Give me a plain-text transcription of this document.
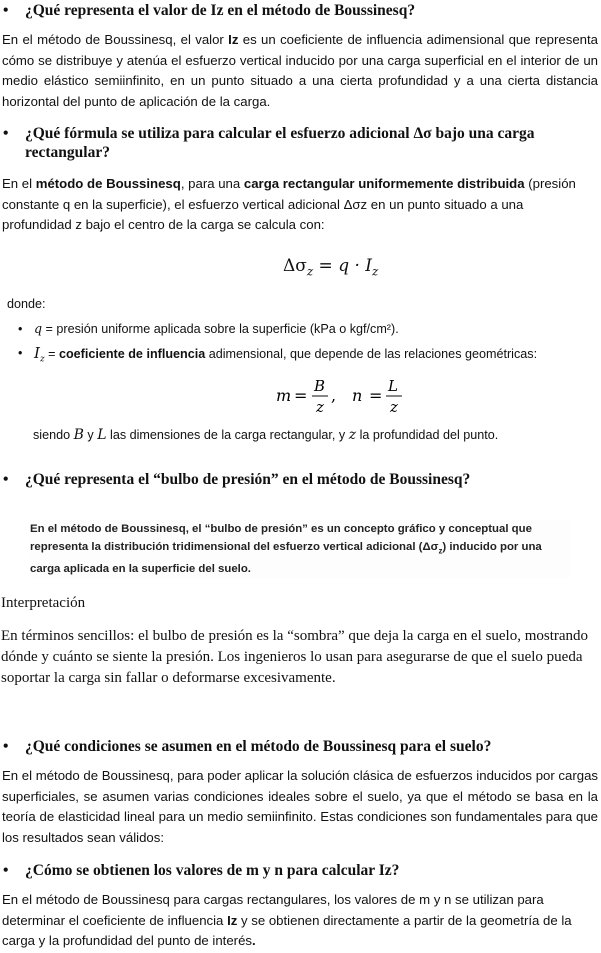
• ¿Qué representa el valor de Iz en el método de Boussinesq?
En el método de Boussinesq, el valor Iz es un coeficiente de influencia adimensional que representa cómo se distribuye y atenúa el esfuerzo vertical inducido por una carga superficial en el interior de un medio elástico semiinfinito, en un punto situado a una cierta profundidad y a una cierta distancia horizontal del punto de aplicación de la carga.
• ¿Qué fórmula se utiliza para calcular el esfuerzo adicional Δσ bajo una carga rectangular?
En el método de Boussinesq, para una carga rectangular uniformemente distribuida (presión constante q en la superficie), el esfuerzo vertical adicional Δσz en un punto situado a una profundidad z bajo el centro de la carga se calcula con:
$\Delta\sigma_z = q \cdot I_z$
donde:
• q = presión uniforme aplicada sobre la superficie (kPa o kgf/cm²).
• $I_z$ = coeficiente de influencia adimensional, que depende de las relaciones geométricas:
m = B
z
, n = L
z
siendo B y L las dimensiones de la carga rectangular, y z la profundidad del punto.
• ¿Qué representa el “bulbo de presión” en el método de Boussinesq?
En el método de Boussinesq, el “bulbo de presión” es un concepto gráfico y conceptual que representa la distribución tridimensional del esfuerzo vertical adicional $(\Delta\sigma_z)$ inducido por una carga aplicada en la superficie del suelo.
Interpretación
En términos sencillos: el bulbo de presión es la “sombra” que deja la carga en el suelo, mostrando dónde y cuánto se siente la presión. Los ingenieros lo usan para asegurarse de que el suelo pueda soportar la carga sin fallar o deformarse excesivamente.
• ¿Qué condiciones se asumen en el método de Boussinesq para el suelo?
En el método de Boussinesq, para poder aplicar la solución clásica de esfuerzos inducidos por cargas superficiales, se asumen varias condiciones ideales sobre el suelo, ya que el método se basa en la teoría de elasticidad lineal para un medio semiinfinito. Estas condiciones son fundamentales para que los resultados sean válidos:
• ¿Cómo se obtienen los valores de m y n para calcular Iz?
En el método de Boussinesq para cargas rectangulares, los valores de m y n se utilizan para determinar el coeficiente de influencia Iz y se obtienen directamente a partir de la geometría de la carga y la profundidad del punto de interés.
